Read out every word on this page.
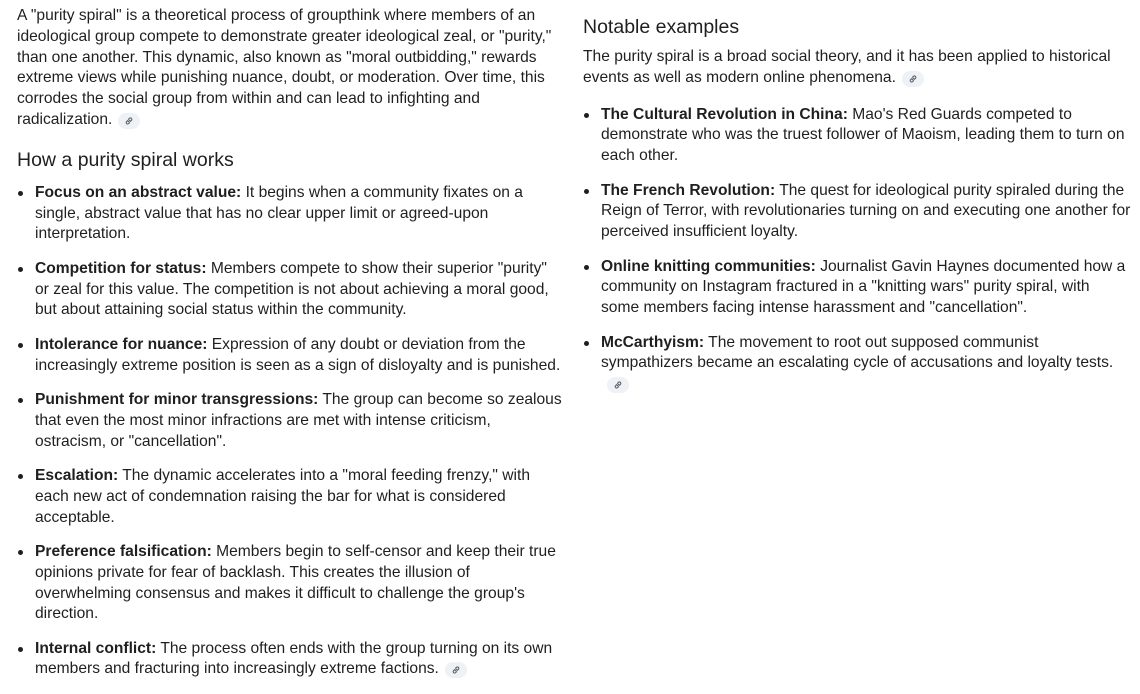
A "purity spiral" is a theoretical process of groupthink where members of an ideological group compete to demonstrate greater ideological zeal, or "purity," than one another. This dynamic, also known as "moral outbidding," rewards extreme views while punishing nuance, doubt, or moderation. Over time, this corrodes the social group from within and can lead to infighting and radicalization.

How a purity spiral works
Focus on an abstract value: It begins when a community fixates on a single, abstract value that has no clear upper limit or agreed-upon interpretation.
Competition for status: Members compete to show their superior "purity" or zeal for this value. The competition is not about achieving a moral good, but about attaining social status within the community.
Intolerance for nuance: Expression of any doubt or deviation from the increasingly extreme position is seen as a sign of disloyalty and is punished.
Punishment for minor transgressions: The group can become so zealous that even the most minor infractions are met with intense criticism, ostracism, or "cancellation".
Escalation: The dynamic accelerates into a "moral feeding frenzy," with each new act of condemnation raising the bar for what is considered acceptable.
Preference falsification: Members begin to self-censor and keep their true opinions private for fear of backlash. This creates the illusion of overwhelming consensus and makes it difficult to challenge the group's direction.
Internal conflict: The process often ends with the group turning on its own members and fracturing into increasingly extreme factions.
Notable examples

The purity spiral is a broad social theory, and it has been applied to historical events as well as modern online phenomena.

The Cultural Revolution in China: Mao's Red Guards competed to demonstrate who was the truest follower of Maoism, leading them to turn on each other.
The French Revolution: The quest for ideological purity spiraled during the Reign of Terror, with revolutionaries turning on and executing one another for perceived insufficient loyalty.
Online knitting communities: Journalist Gavin Haynes documented how a community on Instagram fractured in a "knitting wars" purity spiral, with some members facing intense harassment and "cancellation".
McCarthyism: The movement to root out supposed communist sympathizers became an escalating cycle of accusations and loyalty tests.
